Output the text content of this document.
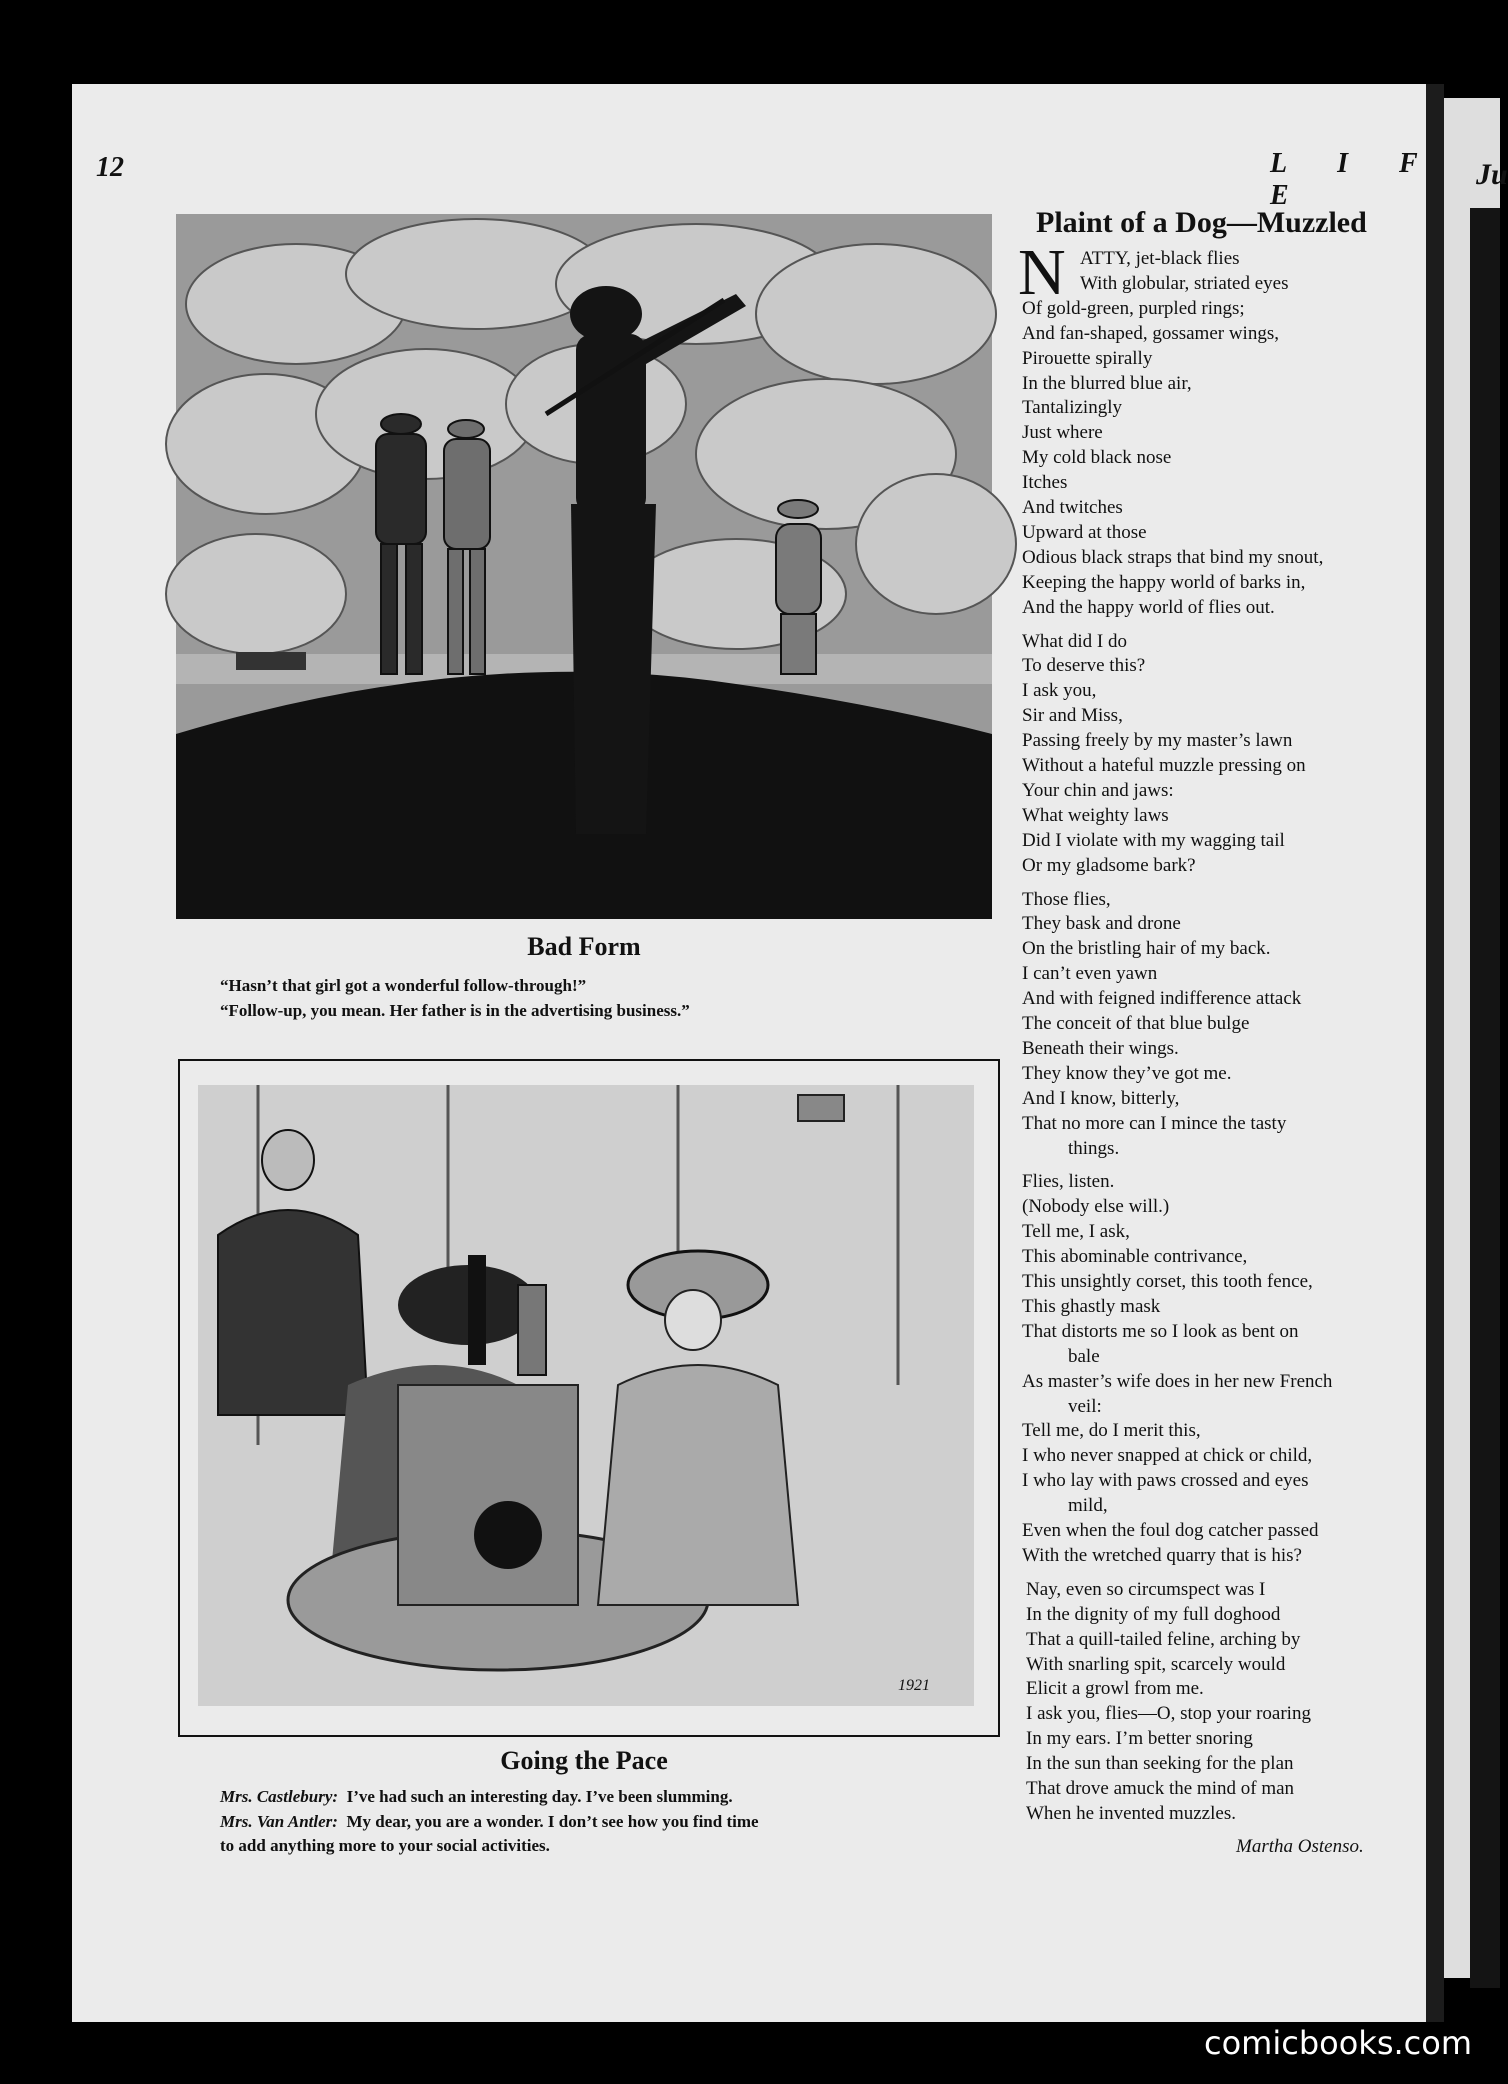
Ju
12	L I F E
Bad Form
“Hasn’t that girl got a wonderful follow-through!”
“Follow-up, you mean. Her father is in the advertising business.”
1921
Going the Pace
Mrs. Castlebury: I’ve had such an interesting day. I’ve been slumming.
Mrs. Van Antler: My dear, you are a wonder. I don’t see how you find time
to add anything more to your social activities.
Plaint of a Dog—Muzzled
N ATTY, jet-black flies
With globular, striated eyes
Of gold-green, purpled rings;
And fan-shaped, gossamer wings,
Pirouette spirally
In the blurred blue air,
Tantalizingly
Just where
My cold black nose
Itches
And twitches
Upward at those
Odious black straps that bind my snout,
Keeping the happy world of barks in,
And the happy world of flies out.
What did I do
To deserve this?
I ask you,
Sir and Miss,
Passing freely by my master’s lawn
Without a hateful muzzle pressing on
Your chin and jaws:
What weighty laws
Did I violate with my wagging tail
Or my gladsome bark?
Those flies,
They bask and drone
On the bristling hair of my back.
I can’t even yawn
And with feigned indifference attack
The conceit of that blue bulge
Beneath their wings.
They know they’ve got me.
And I know, bitterly,
That no more can I mince the tasty
things.
Flies, listen.
(Nobody else will.)
Tell me, I ask,
This abominable contrivance,
This unsightly corset, this tooth fence,
This ghastly mask
That distorts me so I look as bent on
bale
As master’s wife does in her new French
veil:
Tell me, do I merit this,
I who never snapped at chick or child,
I who lay with paws crossed and eyes
mild,
Even when the foul dog catcher passed
With the wretched quarry that is his?
Nay, even so circumspect was I
In the dignity of my full doghood
That a quill-tailed feline, arching by
With snarling spit, scarcely would
Elicit a growl from me.
I ask you, flies—O, stop your roaring
In my ears. I’m better snoring
In the sun than seeking for the plan
That drove amuck the mind of man
When he invented muzzles.
Martha Ostenso.
comicbooks.com
